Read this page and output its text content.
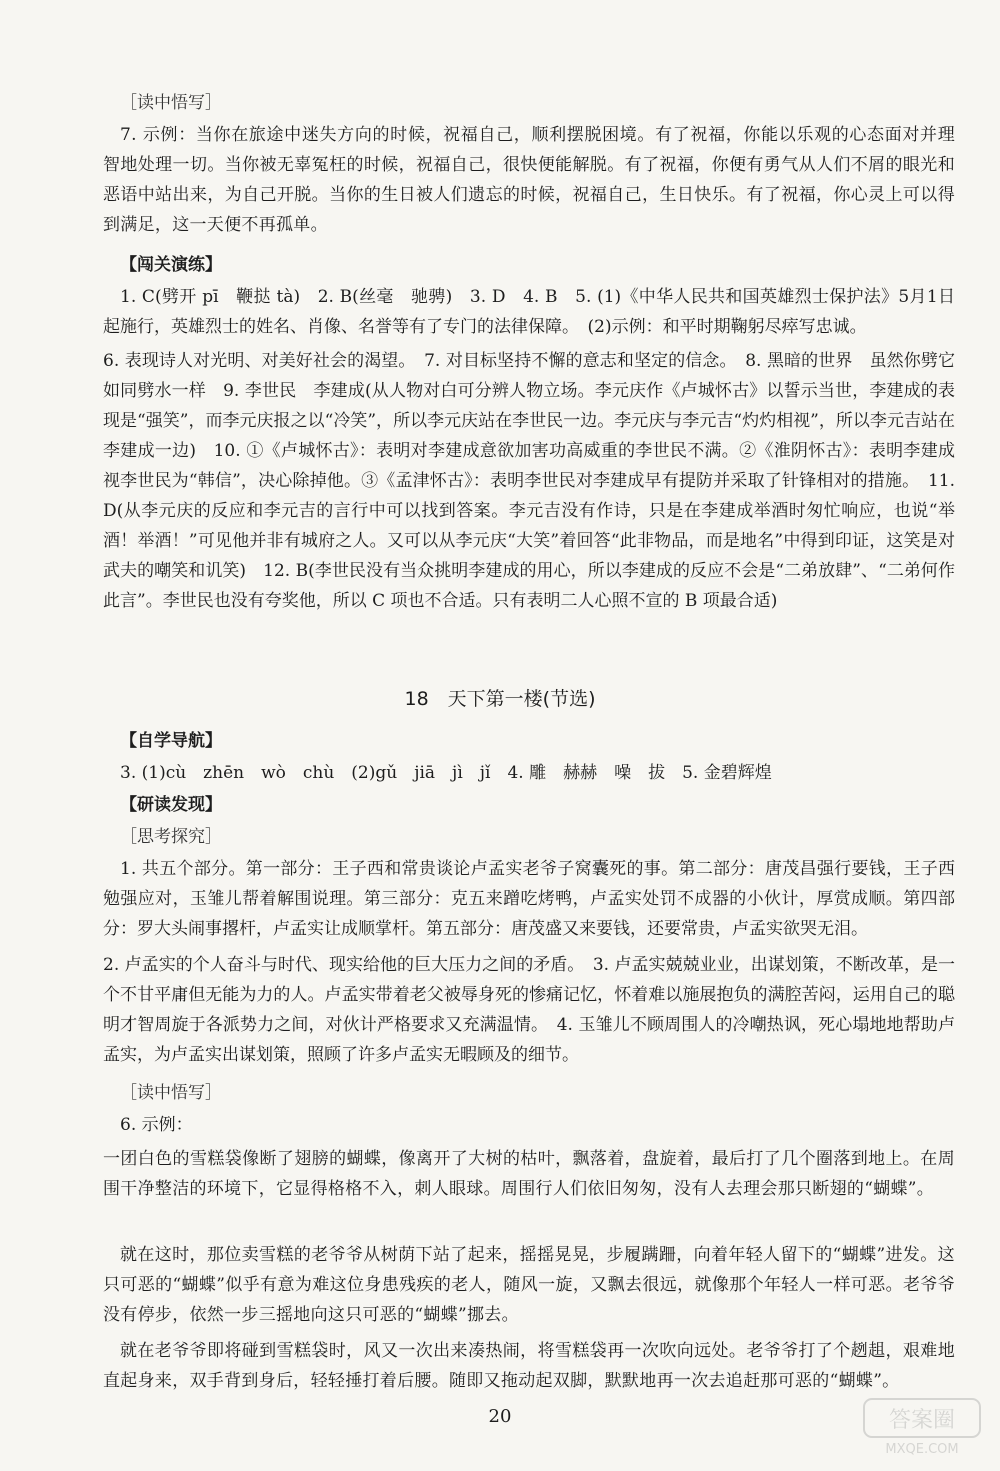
［读中悟写］

7. 示例：当你在旅途中迷失方向的时候，祝福自己，顺利摆脱困境。有了祝福，你能以乐观的心态面对并理智地处理一切。当你被无辜冤枉的时候，祝福自己，很快便能解脱。有了祝福，你便有勇气从人们不屑的眼光和恶语中站出来，为自己开脱。当你的生日被人们遗忘的时候，祝福自己，生日快乐。有了祝福，你心灵上可以得到满足，这一天便不再孤单。

【闯关演练】

1. C(劈开 pī　鞭挞 tà)　2. B(丝毫　驰骋)　3. D　4. B　5. (1)《中华人民共和国英雄烈士保护法》5月1日起施行，英雄烈士的姓名、肖像、名誉等有了专门的法律保障。　(2)示例：和平时期鞠躬尽瘁写忠诚。

6. 表现诗人对光明、对美好社会的渴望。　7. 对目标坚持不懈的意志和坚定的信念。　8. 黑暗的世界　虽然你劈它如同劈水一样　9. 李世民　李建成(从人物对白可分辨人物立场。李元庆作《卢城怀古》以誓示当世，李建成的表现是“强笑”，而李元庆报之以“冷笑”，所以李元庆站在李世民一边。李元庆与李元吉“灼灼相视”，所以李元吉站在李建成一边)　10. ①《卢城怀古》：表明对李建成意欲加害功高威重的李世民不满。②《淮阴怀古》：表明李建成视李世民为“韩信”，决心除掉他。③《孟津怀古》：表明李世民对李建成早有提防并采取了针锋相对的措施。　11. D(从李元庆的反应和李元吉的言行中可以找到答案。李元吉没有作诗，只是在李建成举酒时匆忙响应，也说“举酒！举酒！”可见他并非有城府之人。又可以从李元庆“大笑”着回答“此非物品，而是地名”中得到印证，这笑是对武夫的嘲笑和讥笑)　12. B(李世民没有当众挑明李建成的用心，所以李建成的反应不会是“二弟放肆”、“二弟何作此言”。李世民也没有夸奖他，所以 C 项也不合适。只有表明二人心照不宣的 B 项最合适)

18　天下第一楼(节选)

【自学导航】

3. (1)cù　zhēn　wò　chù　(2)gǔ　jiā　jì　jǐ　4. 雕　赫赫　噪　拔　5. 金碧辉煌

【研读发现】

［思考探究］

1. 共五个部分。第一部分：王子西和常贵谈论卢孟实老爷子窝囊死的事。第二部分：唐茂昌强行要钱，王子西勉强应对，玉雏儿帮着解围说理。第三部分：克五来蹭吃烤鸭，卢孟实处罚不成器的小伙计，厚赏成顺。第四部分：罗大头闹事撂杆，卢孟实让成顺掌杆。第五部分：唐茂盛又来要钱，还要常贵，卢孟实欲哭无泪。

2. 卢孟实的个人奋斗与时代、现实给他的巨大压力之间的矛盾。　3. 卢孟实兢兢业业，出谋划策，不断改革，是一个不甘平庸但无能为力的人。卢孟实带着老父被辱身死的惨痛记忆，怀着难以施展抱负的满腔苦闷，运用自己的聪明才智周旋于各派势力之间，对伙计严格要求又充满温情。　4. 玉雏儿不顾周围人的冷嘲热讽，死心塌地地帮助卢孟实，为卢孟实出谋划策，照顾了许多卢孟实无暇顾及的细节。

［读中悟写］

6. 示例：

一团白色的雪糕袋像断了翅膀的蝴蝶，像离开了大树的枯叶，飘落着，盘旋着，最后打了几个圈落到地上。在周围干净整洁的环境下，它显得格格不入，刺人眼球。周围行人们依旧匆匆，没有人去理会那只断翅的“蝴蝶”。

就在这时，那位卖雪糕的老爷爷从树荫下站了起来，摇摇晃晃，步履蹒跚，向着年轻人留下的“蝴蝶”进发。这只可恶的“蝴蝶”似乎有意为难这位身患残疾的老人，随风一旋，又飘去很远，就像那个年轻人一样可恶。老爷爷没有停步，依然一步三摇地向这只可恶的“蝴蝶”挪去。

就在老爷爷即将碰到雪糕袋时，风又一次出来凑热闹，将雪糕袋再一次吹向远处。老爷爷打了个趔趄，艰难地直起身来，双手背到身后，轻轻捶打着后腰。随即又拖动起双脚，默默地再一次去追赶那可恶的“蝴蝶”。

20	答案圈
MXQE.COM
